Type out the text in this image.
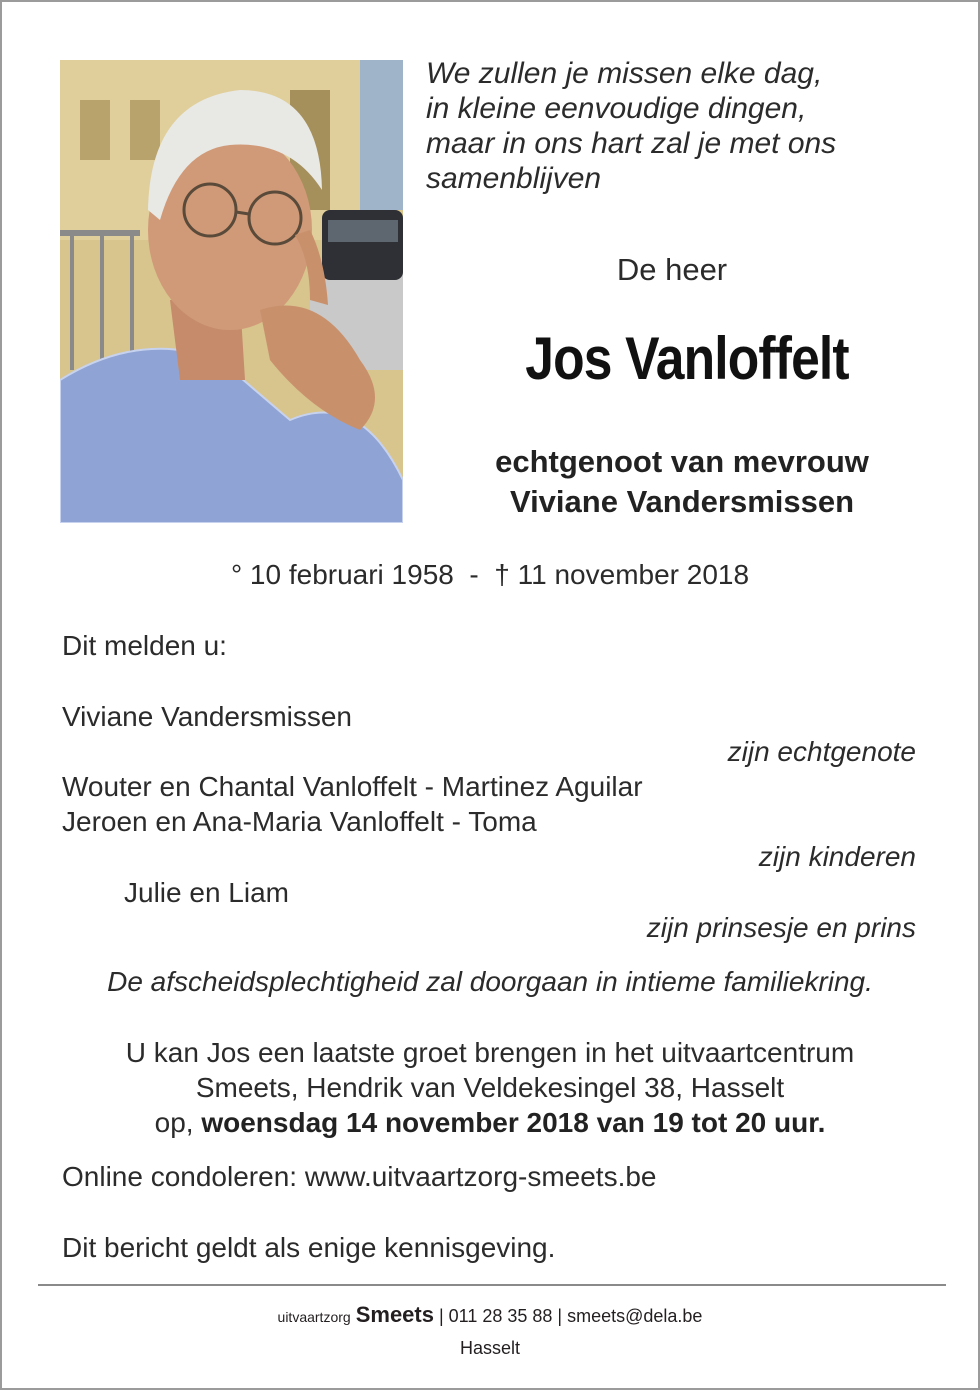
We zullen je missen elke dag,
in kleine eenvoudige dingen,
maar in ons hart zal je met ons
samenblijven
De heer
Jos Vanloffelt
echtgenoot van mevrouw
Viviane Vandersmissen
° 10 februari 1958  -  † 11 november 2018
Dit melden u:
Viviane Vandersmissen
zijn echtgenote
Wouter en Chantal Vanloffelt - Martinez Aguilar
Jeroen en Ana-Maria Vanloffelt - Toma
zijn kinderen
Julie en Liam
zijn prinsesje en prins
De afscheidsplechtigheid zal doorgaan in intieme familiekring.
U kan Jos een laatste groet brengen in het uitvaartcentrum
Smeets, Hendrik van Veldekesingel 38, Hasselt
op, woensdag 14 november 2018 van 19 tot 20 uur.
Online condoleren: www.uitvaartzorg-smeets.be
Dit bericht geldt als enige kennisgeving.
uitvaartzorg Smeets | 011 28 35 88 | smeets@dela.be
Hasselt
